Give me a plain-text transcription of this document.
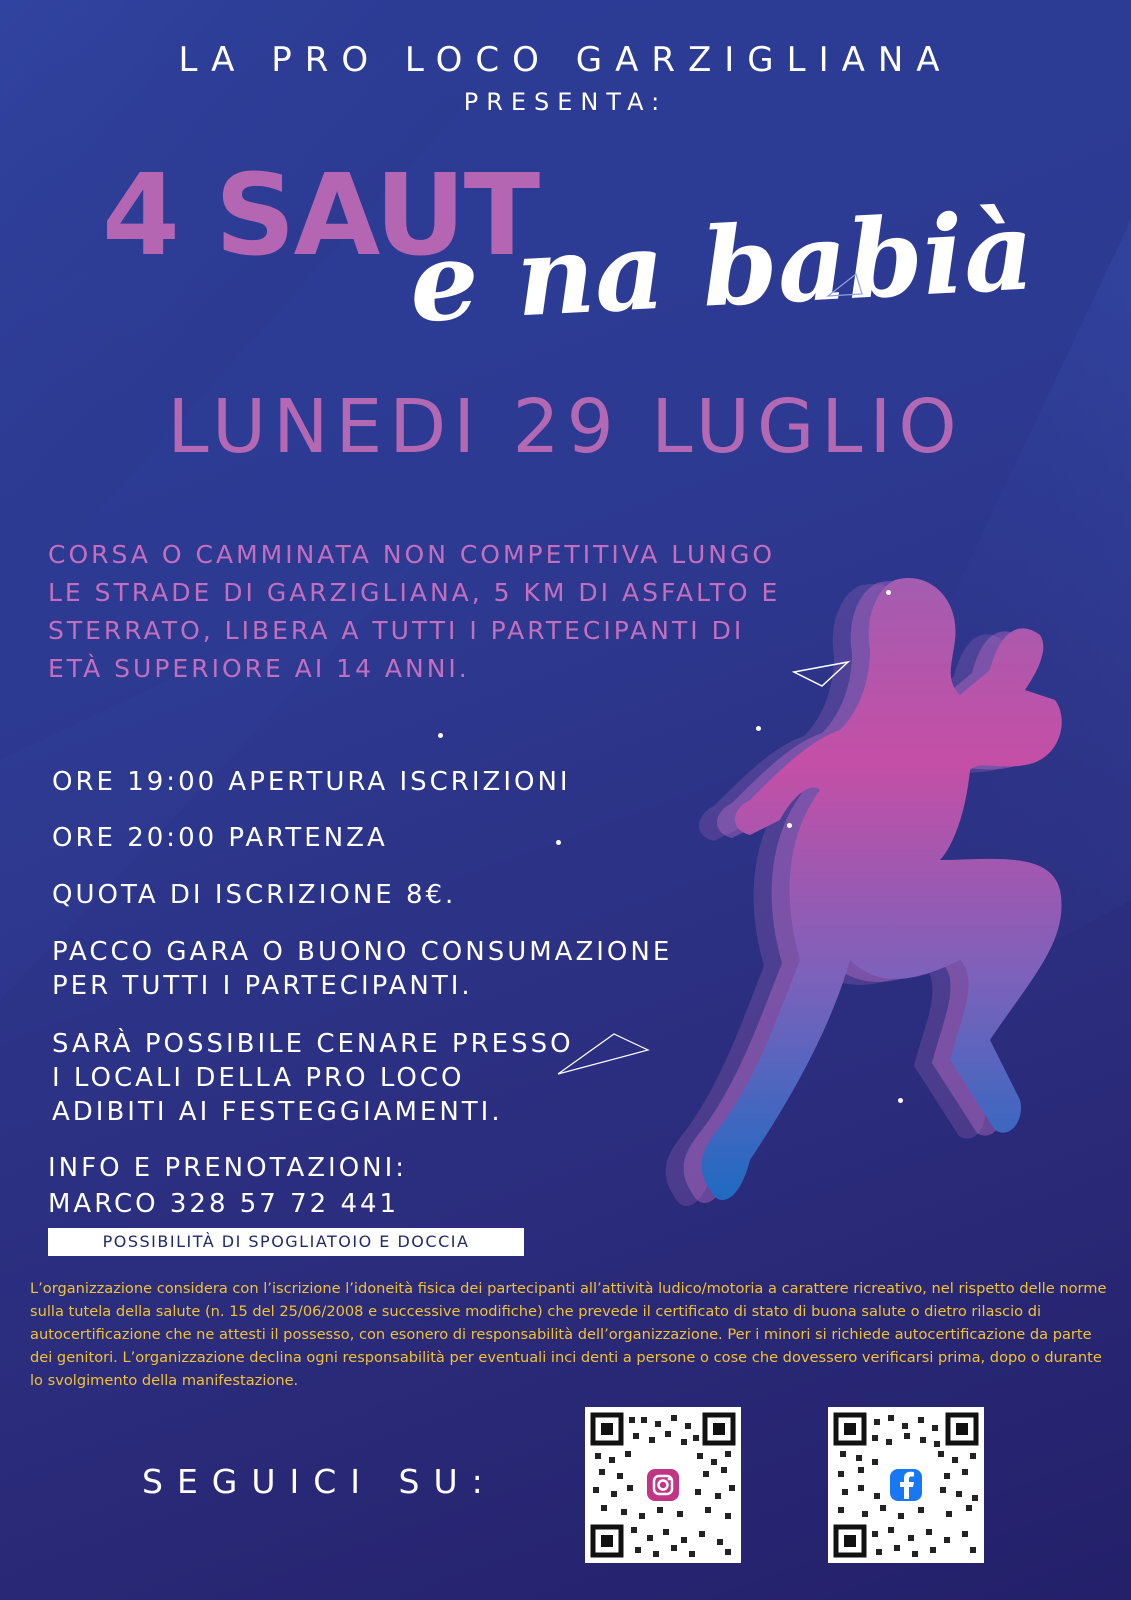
LA PRO LOCO GARZIGLIANA
PRESENTA:
4 SAUT
e na babià
LUNEDI 29 LUGLIO
CORSA O CAMMINATA NON COMPETITIVA LUNGO LE STRADE DI GARZIGLIANA, 5 KM DI ASFALTO E STERRATO, LIBERA A TUTTI I PARTECIPANTI DI ETÀ SUPERIORE AI 14 ANNI.
ORE 19:00 APERTURA ISCRIZIONI
ORE 20:00 PARTENZA
QUOTA DI ISCRIZIONE 8€.
PACCO GARA O BUONO CONSUMAZIONE
PER TUTTI I PARTECIPANTI.
SARÀ POSSIBILE CENARE PRESSO
I LOCALI DELLA PRO LOCO
ADIBITI AI FESTEGGIAMENTI.
INFO E PRENOTAZIONI:
MARCO 328 57 72 441
POSSIBILITÀ DI SPOGLIATOIO E DOCCIA
L’organizzazione considera con l’iscrizione l’idoneità fisica dei partecipanti all’attività ludico/motoria a carattere ricreativo, nel rispetto delle norme sulla tutela della salute (n. 15 del 25/06/2008 e successive modifiche) che prevede il certificato di stato di buona salute o dietro rilascio di autocertificazione che ne attesti il possesso, con esonero di responsabilità dell’organizzazione. Per i minori si richiede autocertificazione da parte dei genitori. L’organizzazione declina ogni responsabilità per eventuali inci denti a persone o cose che dovessero verificarsi prima, dopo o durante lo svolgimento della manifestazione.
SEGUICI SU:
